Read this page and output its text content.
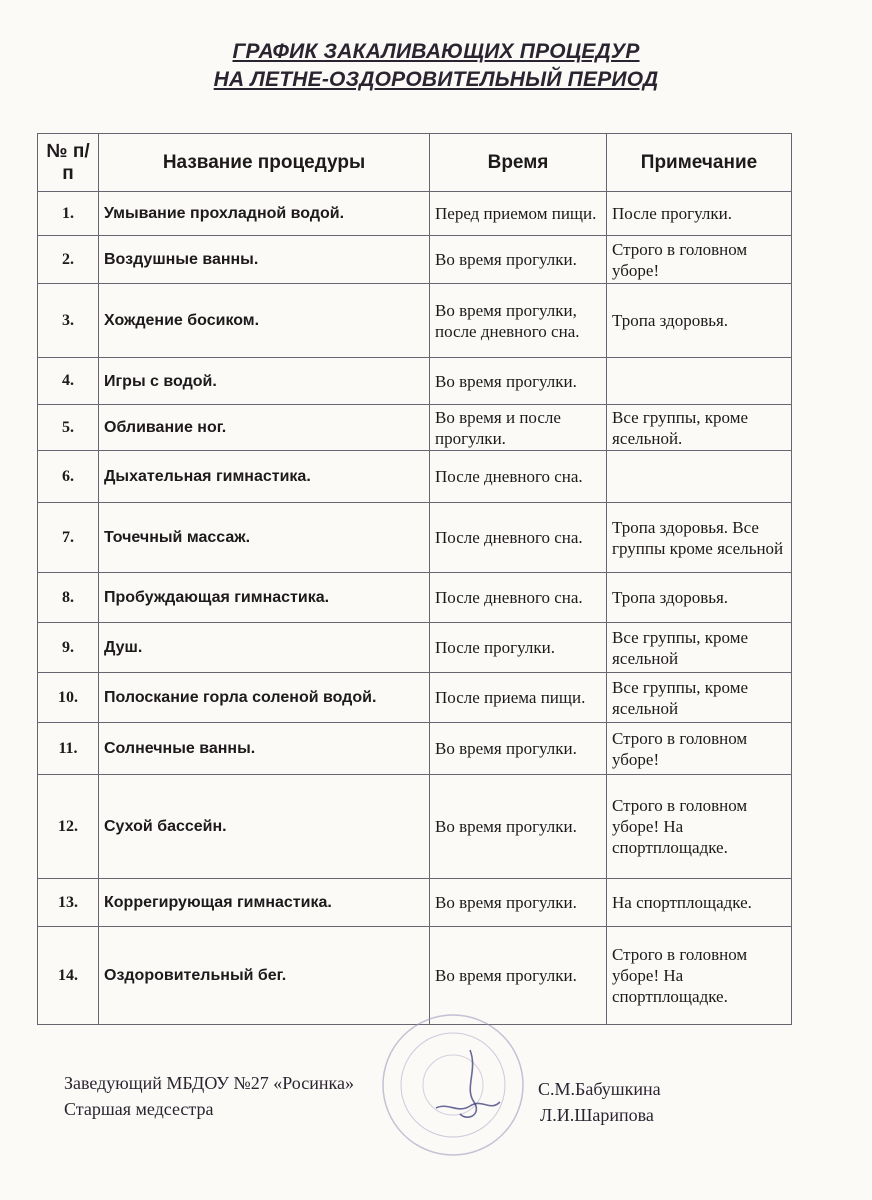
ГРАФИК ЗАКАЛИВАЮЩИХ ПРОЦЕДУР
НА ЛЕТНЕ-ОЗДОРОВИТЕЛЬНЫЙ ПЕРИОД
№ п/п	Название процедуры	Время	Примечание
1.	Умывание прохладной водой.	Перед приемом пищи.	После прогулки.
2.	Воздушные ванны.	Во время прогулки.	Строго в головном уборе!
3.	Хождение босиком.	Во время прогулки, после дневного сна.	Тропа здоровья.
4.	Игры с водой.	Во время прогулки.	
5.	Обливание ног.	Во время и после прогулки.	Все группы, кроме ясельной.
6.	Дыхательная гимнастика.	После дневного сна.	
7.	Точечный массаж.	После дневного сна.	Тропа здоровья. Все группы кроме ясельной
8.	Пробуждающая гимнастика.	После дневного сна.	Тропа здоровья.
9.	Душ.	После прогулки.	Все группы, кроме ясельной
10.	Полоскание горла соленой водой.	После приема пищи.	Все группы, кроме ясельной
11.	Солнечные ванны.	Во время прогулки.	Строго в головном уборе!
12.	Сухой бассейн.	Во время прогулки.	Строго в головном уборе! На спортплощадке.
13.	Коррегирующая гимнастика.	Во время прогулки.	На спортплощадке.
14.	Оздоровительный бег.	Во время прогулки.	Строго в головном уборе! На спортплощадке.
Заведующий МБДОУ №27 «Росинка»	С.М.Бабушкина
Старшая медсестра	Л.И.Шарипова
